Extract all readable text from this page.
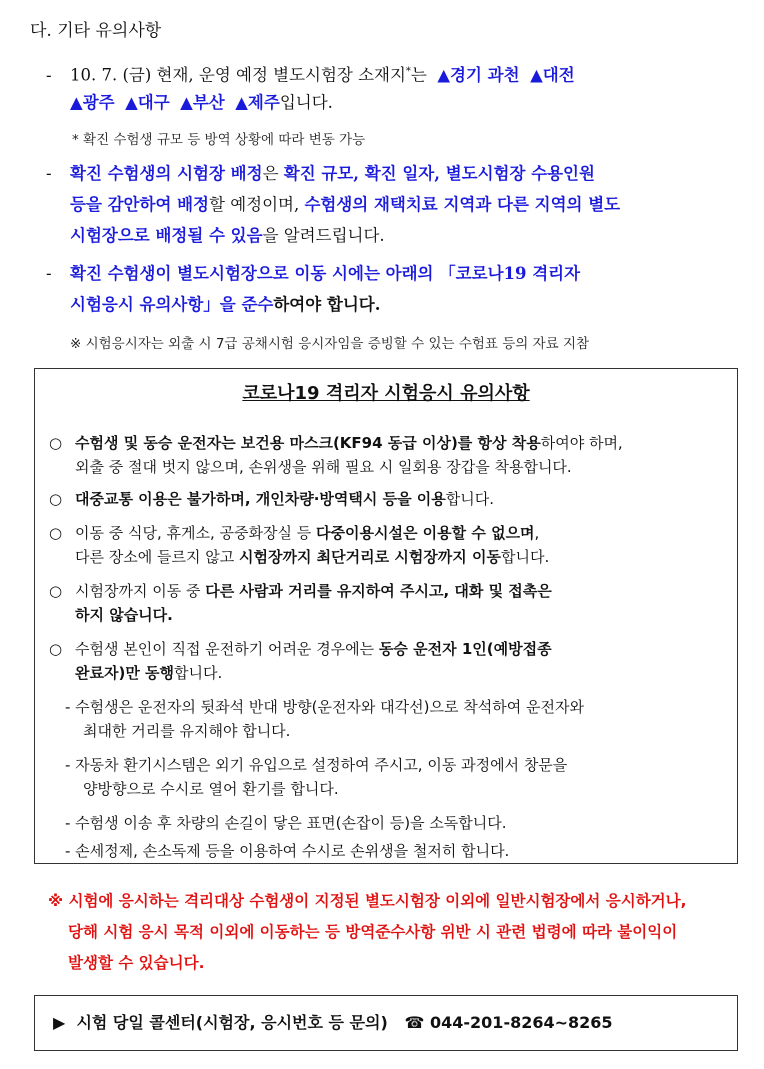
다. 기타 유의사항
- 10. 7. (금) 현재, 운영 예정 별도시험장 소재지*는 ▲경기 과천 ▲대전
▲광주 ▲대구 ▲부산 ▲제주입니다.
* 확진 수험생 규모 등 방역 상황에 따라 변동 가능
- 확진 수험생의 시험장 배정은 확진 규모, 확진 일자, 별도시험장 수용인원
등을 감안하여 배정할 예정이며, 수험생의 재택치료 지역과 다른 지역의 별도
시험장으로 배정될 수 있음을 알려드립니다.
- 확진 수험생이 별도시험장으로 이동 시에는 아래의 「코로나19 격리자
시험응시 유의사항」을 준수하여야 합니다.
※ 시험응시자는 외출 시 7급 공채시험 응시자임을 증빙할 수 있는 수험표 등의 자료 지참
코로나19 격리자 시험응시 유의사항
○ 수험생 및 동승 운전자는 보건용 마스크(KF94 동급 이상)를 항상 착용하여야 하며,
외출 중 절대 벗지 않으며, 손위생을 위해 필요 시 일회용 장갑을 착용합니다.
○ 대중교통 이용은 불가하며, 개인차량·방역택시 등을 이용합니다.
○ 이동 중 식당, 휴게소, 공중화장실 등 다중이용시설은 이용할 수 없으며,
다른 장소에 들르지 않고 시험장까지 최단거리로 시험장까지 이동합니다.
○ 시험장까지 이동 중 다른 사람과 거리를 유지하여 주시고, 대화 및 접촉은
하지 않습니다.
○ 수험생 본인이 직접 운전하기 어려운 경우에는 동승 운전자 1인(예방접종
완료자)만 동행합니다.
- 수험생은 운전자의 뒷좌석 반대 방향(운전자와 대각선)으로 착석하여 운전자와
최대한 거리를 유지해야 합니다.
- 자동차 환기시스템은 외기 유입으로 설정하여 주시고, 이동 과정에서 창문을
양방향으로 수시로 열어 환기를 합니다.
- 수험생 이송 후 차량의 손길이 닿은 표면(손잡이 등)을 소독합니다.
- 손세정제, 손소독제 등을 이용하여 수시로 손위생을 철저히 합니다.
※ 시험에 응시하는 격리대상 수험생이 지정된 별도시험장 이외에 일반시험장에서 응시하거나,
당해 시험 응시 목적 이외에 이동하는 등 방역준수사항 위반 시 관련 법령에 따라 불이익이
발생할 수 있습니다.
▶ 시험 당일 콜센터(시험장, 응시번호 등 문의) ☎ 044-201-8264~8265
